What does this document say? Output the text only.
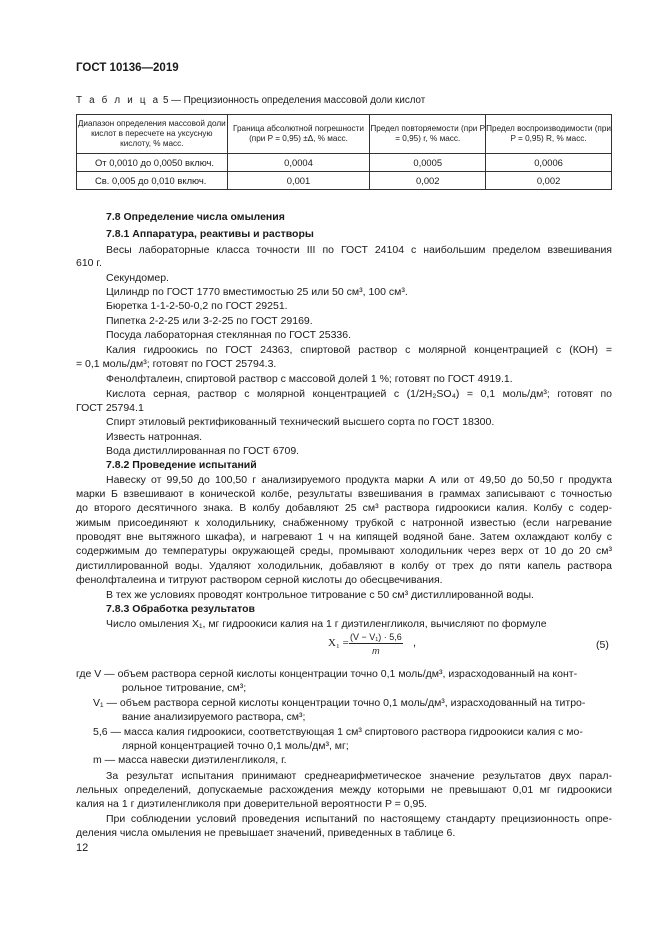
ГОСТ 10136—2019
Т а б л и ц а 5 — Прецизионность определения массовой доли кислот
Диапазон определения массовой доли кислот в пересчете на уксусную кислоту, % масс.	Граница абсолютной погрешности (при P = 0,95) ±Δ, % масс.	Предел повторяемости (при P = 0,95) r, % масс.	Предел воспроизводимости (при P = 0,95) R, % масс.
От 0,0010 до 0,0050 включ.	0,0004	0,0005	0,0006
Св. 0,005 до 0,010 включ.	0,001	0,002	0,002
7.8 Определение числа омыления
7.8.1 Аппаратура, реактивы и растворы
Весы лабораторные класса точности III по ГОСТ 24104 с наибольшим пределом взвешивания
610 г.
Секундомер.
Цилиндр по ГОСТ 1770 вместимостью 25 или 50 см³, 100 см³.
Бюретка 1-1-2-50-0,2 по ГОСТ 29251.
Пипетка 2-2-25 или 3-2-25 по ГОСТ 29169.
Посуда лабораторная стеклянная по ГОСТ 25336.
Калия гидроокись по ГОСТ 24363, спиртовой раствор с молярной концентрацией с (КОН) =
= 0,1 моль/дм³; готовят по ГОСТ 25794.3.
Фенолфталеин, спиртовой раствор с массовой долей 1 %; готовят по ГОСТ 4919.1.
Кислота серная, раствор с молярной концентрацией с (1/2H₂SO₄) = 0,1 моль/дм³; готовят по
ГОСТ 25794.1
Спирт этиловый ректификованный технический высшего сорта по ГОСТ 18300.
Известь натронная.
Вода дистиллированная по ГОСТ 6709.
7.8.2 Проведение испытаний
Навеску от 99,50 до 100,50 г анализируемого продукта марки А или от 49,50 до 50,50 г продукта
марки Б взвешивают в конической колбе, результаты взвешивания в граммах записывают с точностью
до второго десятичного знака. В колбу добавляют 25 см³ раствора гидроокиси калия. Колбу с содер-
жимым присоединяют к холодильнику, снабженному трубкой с натронной известью (если нагревание
проводят вне вытяжного шкафа), и нагревают 1 ч на кипящей водяной бане. Затем охлаждают колбу с
содержимым до температуры окружающей среды, промывают холодильник через верх от 10 до 20 см³
дистиллированной воды. Удаляют холодильник, добавляют в колбу от трех до пяти капель раствора
фенолфталеина и титруют раствором серной кислоты до обесцвечивания.
В тех же условиях проводят контрольное титрование с 50 см³ дистиллированной воды.
7.8.3 Обработка результатов
Число омыления X₁, мг гидроокиси калия на 1 г диэтиленгликоля, вычисляют по формуле
$X_1 = \frac{\text{(V − V₁) · 5,6}}{m}$ ,	(5)
где V — объем раствора серной кислоты концентрации точно 0,1 моль/дм³, израсходованный на конт-
рольное титрование, см³;
V₁ — объем раствора серной кислоты концентрации точно 0,1 моль/дм³, израсходованный на титро-
вание анализируемого раствора, см³;
5,6 — масса калия гидроокиси, соответствующая 1 см³ спиртового раствора гидроокиси калия с мо-
лярной концентрацией точно 0,1 моль/дм³, мг;
m — масса навески диэтиленгликоля, г.
За результат испытания принимают среднеарифметическое значение результатов двух парал-
лельных определений, допускаемые расхождения между которыми не превышают 0,01 мг гидроокиси
калия на 1 г диэтиленгликоля при доверительной вероятности P = 0,95.
При соблюдении условий проведения испытаний по настоящему стандарту прецизионность опре-
деления числа омыления не превышает значений, приведенных в таблице 6.
12
